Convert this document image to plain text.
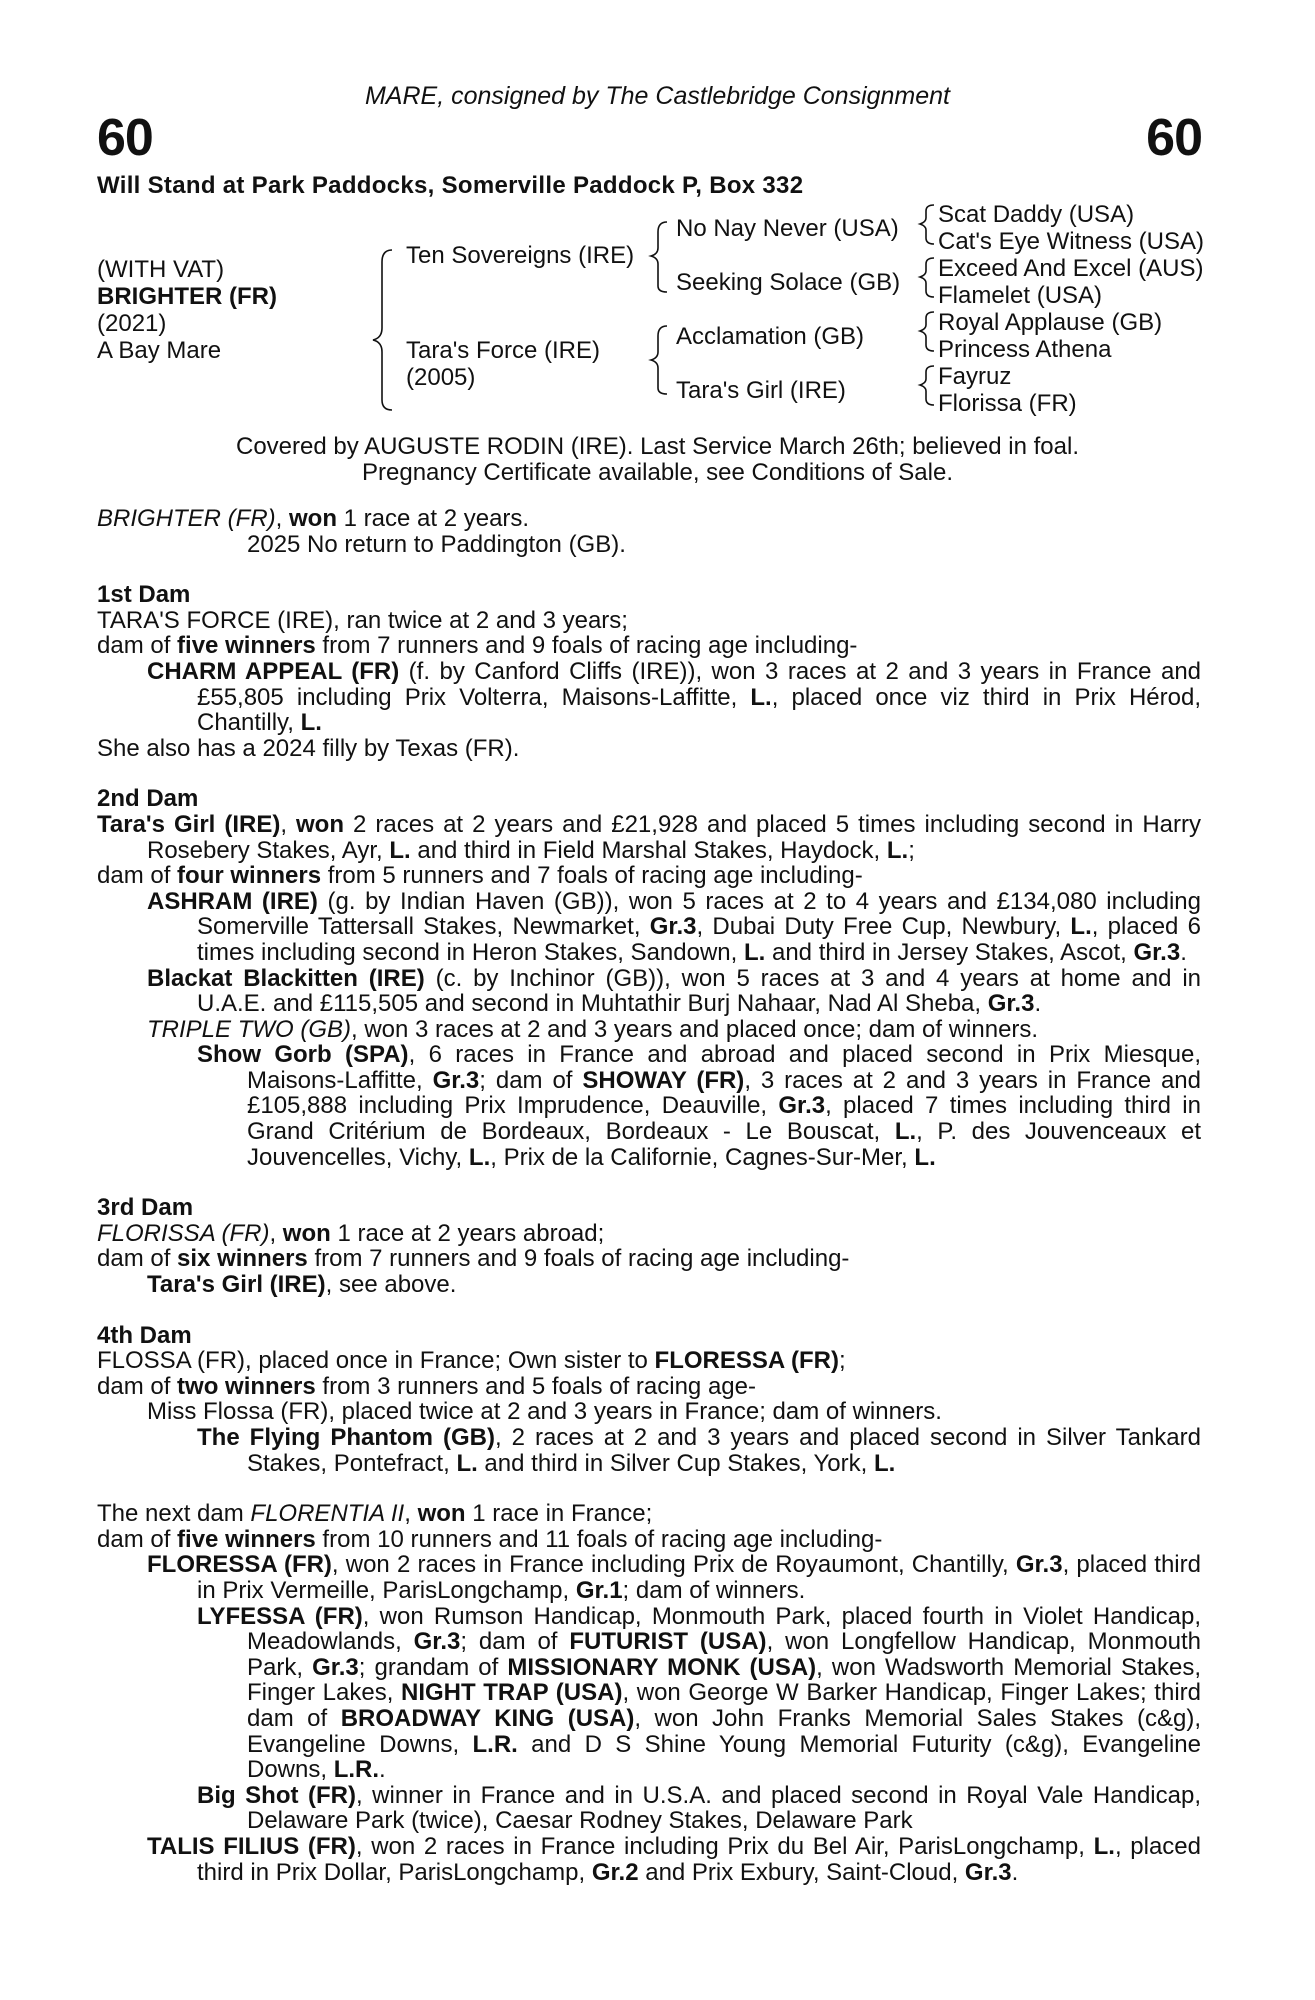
MARE, consigned by The Castlebridge Consignment
60	60
Will Stand at Park Paddocks, Somerville Paddock P, Box 332
(WITH VAT)
BRIGHTER (FR)
(2021)
A Bay Mare
Ten Sovereigns (IRE)
Tara's Force (IRE)
(2005)
No Nay Never (USA)
Seeking Solace (GB)
Acclamation (GB)
Tara's Girl (IRE)
Scat Daddy (USA)
Cat's Eye Witness (USA)
Exceed And Excel (AUS)
Flamelet (USA)
Royal Applause (GB)
Princess Athena
Fayruz
Florissa (FR)
Covered by AUGUSTE RODIN (IRE). Last Service March 26th; believed in foal.
Pregnancy Certificate available, see Conditions of Sale.

BRIGHTER (FR), won 1 race at 2 years.

2025 No return to Paddington (GB).

1st Dam

TARA'S FORCE (IRE), ran twice at 2 and 3 years;

dam of five winners from 7 runners and 9 foals of racing age including-

CHARM APPEAL (FR) (f. by Canford Cliffs (IRE)), won 3 races at 2 and 3 years in France and £55,805 including Prix Volterra, Maisons-Laffitte, L., placed once viz third in Prix Hérod, Chantilly, L.

She also has a 2024 filly by Texas (FR).

2nd Dam

Tara's Girl (IRE), won 2 races at 2 years and £21,928 and placed 5 times including second in Harry Rosebery Stakes, Ayr, L. and third in Field Marshal Stakes, Haydock, L.;

dam of four winners from 5 runners and 7 foals of racing age including-

ASHRAM (IRE) (g. by Indian Haven (GB)), won 5 races at 2 to 4 years and £134,080 including Somerville Tattersall Stakes, Newmarket, Gr.3, Dubai Duty Free Cup, Newbury, L., placed 6 times including second in Heron Stakes, Sandown, L. and third in Jersey Stakes, Ascot, Gr.3.

Blackat Blackitten (IRE) (c. by Inchinor (GB)), won 5 races at 3 and 4 years at home and in U.A.E. and £115,505 and second in Muhtathir Burj Nahaar, Nad Al Sheba, Gr.3.

TRIPLE TWO (GB), won 3 races at 2 and 3 years and placed once; dam of winners.

Show Gorb (SPA), 6 races in France and abroad and placed second in Prix Miesque, Maisons-Laffitte, Gr.3; dam of SHOWAY (FR), 3 races at 2 and 3 years in France and £105,888 including Prix Imprudence, Deauville, Gr.3, placed 7 times including third in Grand Critérium de Bordeaux, Bordeaux - Le Bouscat, L., P. des Jouvenceaux et Jouvencelles, Vichy, L., Prix de la Californie, Cagnes-Sur-Mer, L.

3rd Dam

FLORISSA (FR), won 1 race at 2 years abroad;

dam of six winners from 7 runners and 9 foals of racing age including-

Tara's Girl (IRE), see above.

4th Dam

FLOSSA (FR), placed once in France; Own sister to FLORESSA (FR);

dam of two winners from 3 runners and 5 foals of racing age-

Miss Flossa (FR), placed twice at 2 and 3 years in France; dam of winners.

The Flying Phantom (GB), 2 races at 2 and 3 years and placed second in Silver Tankard Stakes, Pontefract, L. and third in Silver Cup Stakes, York, L.

The next dam FLORENTIA II, won 1 race in France;

dam of five winners from 10 runners and 11 foals of racing age including-

FLORESSA (FR), won 2 races in France including Prix de Royaumont, Chantilly, Gr.3, placed third in Prix Vermeille, ParisLongchamp, Gr.1; dam of winners.

LYFESSA (FR), won Rumson Handicap, Monmouth Park, placed fourth in Violet Handicap, Meadowlands, Gr.3; dam of FUTURIST (USA), won Longfellow Handicap, Monmouth Park, Gr.3; grandam of MISSIONARY MONK (USA), won Wadsworth Memorial Stakes, Finger Lakes, NIGHT TRAP (USA), won George W Barker Handicap, Finger Lakes; third dam of BROADWAY KING (USA), won John Franks Memorial Sales Stakes (c&g), Evangeline Downs, L.R. and D S Shine Young Memorial Futurity (c&g), Evangeline Downs, L.R..

Big Shot (FR), winner in France and in U.S.A. and placed second in Royal Vale Handicap, Delaware Park (twice), Caesar Rodney Stakes, Delaware Park

TALIS FILIUS (FR), won 2 races in France including Prix du Bel Air, ParisLongchamp, L., placed third in Prix Dollar, ParisLongchamp, Gr.2 and Prix Exbury, Saint-Cloud, Gr.3.
